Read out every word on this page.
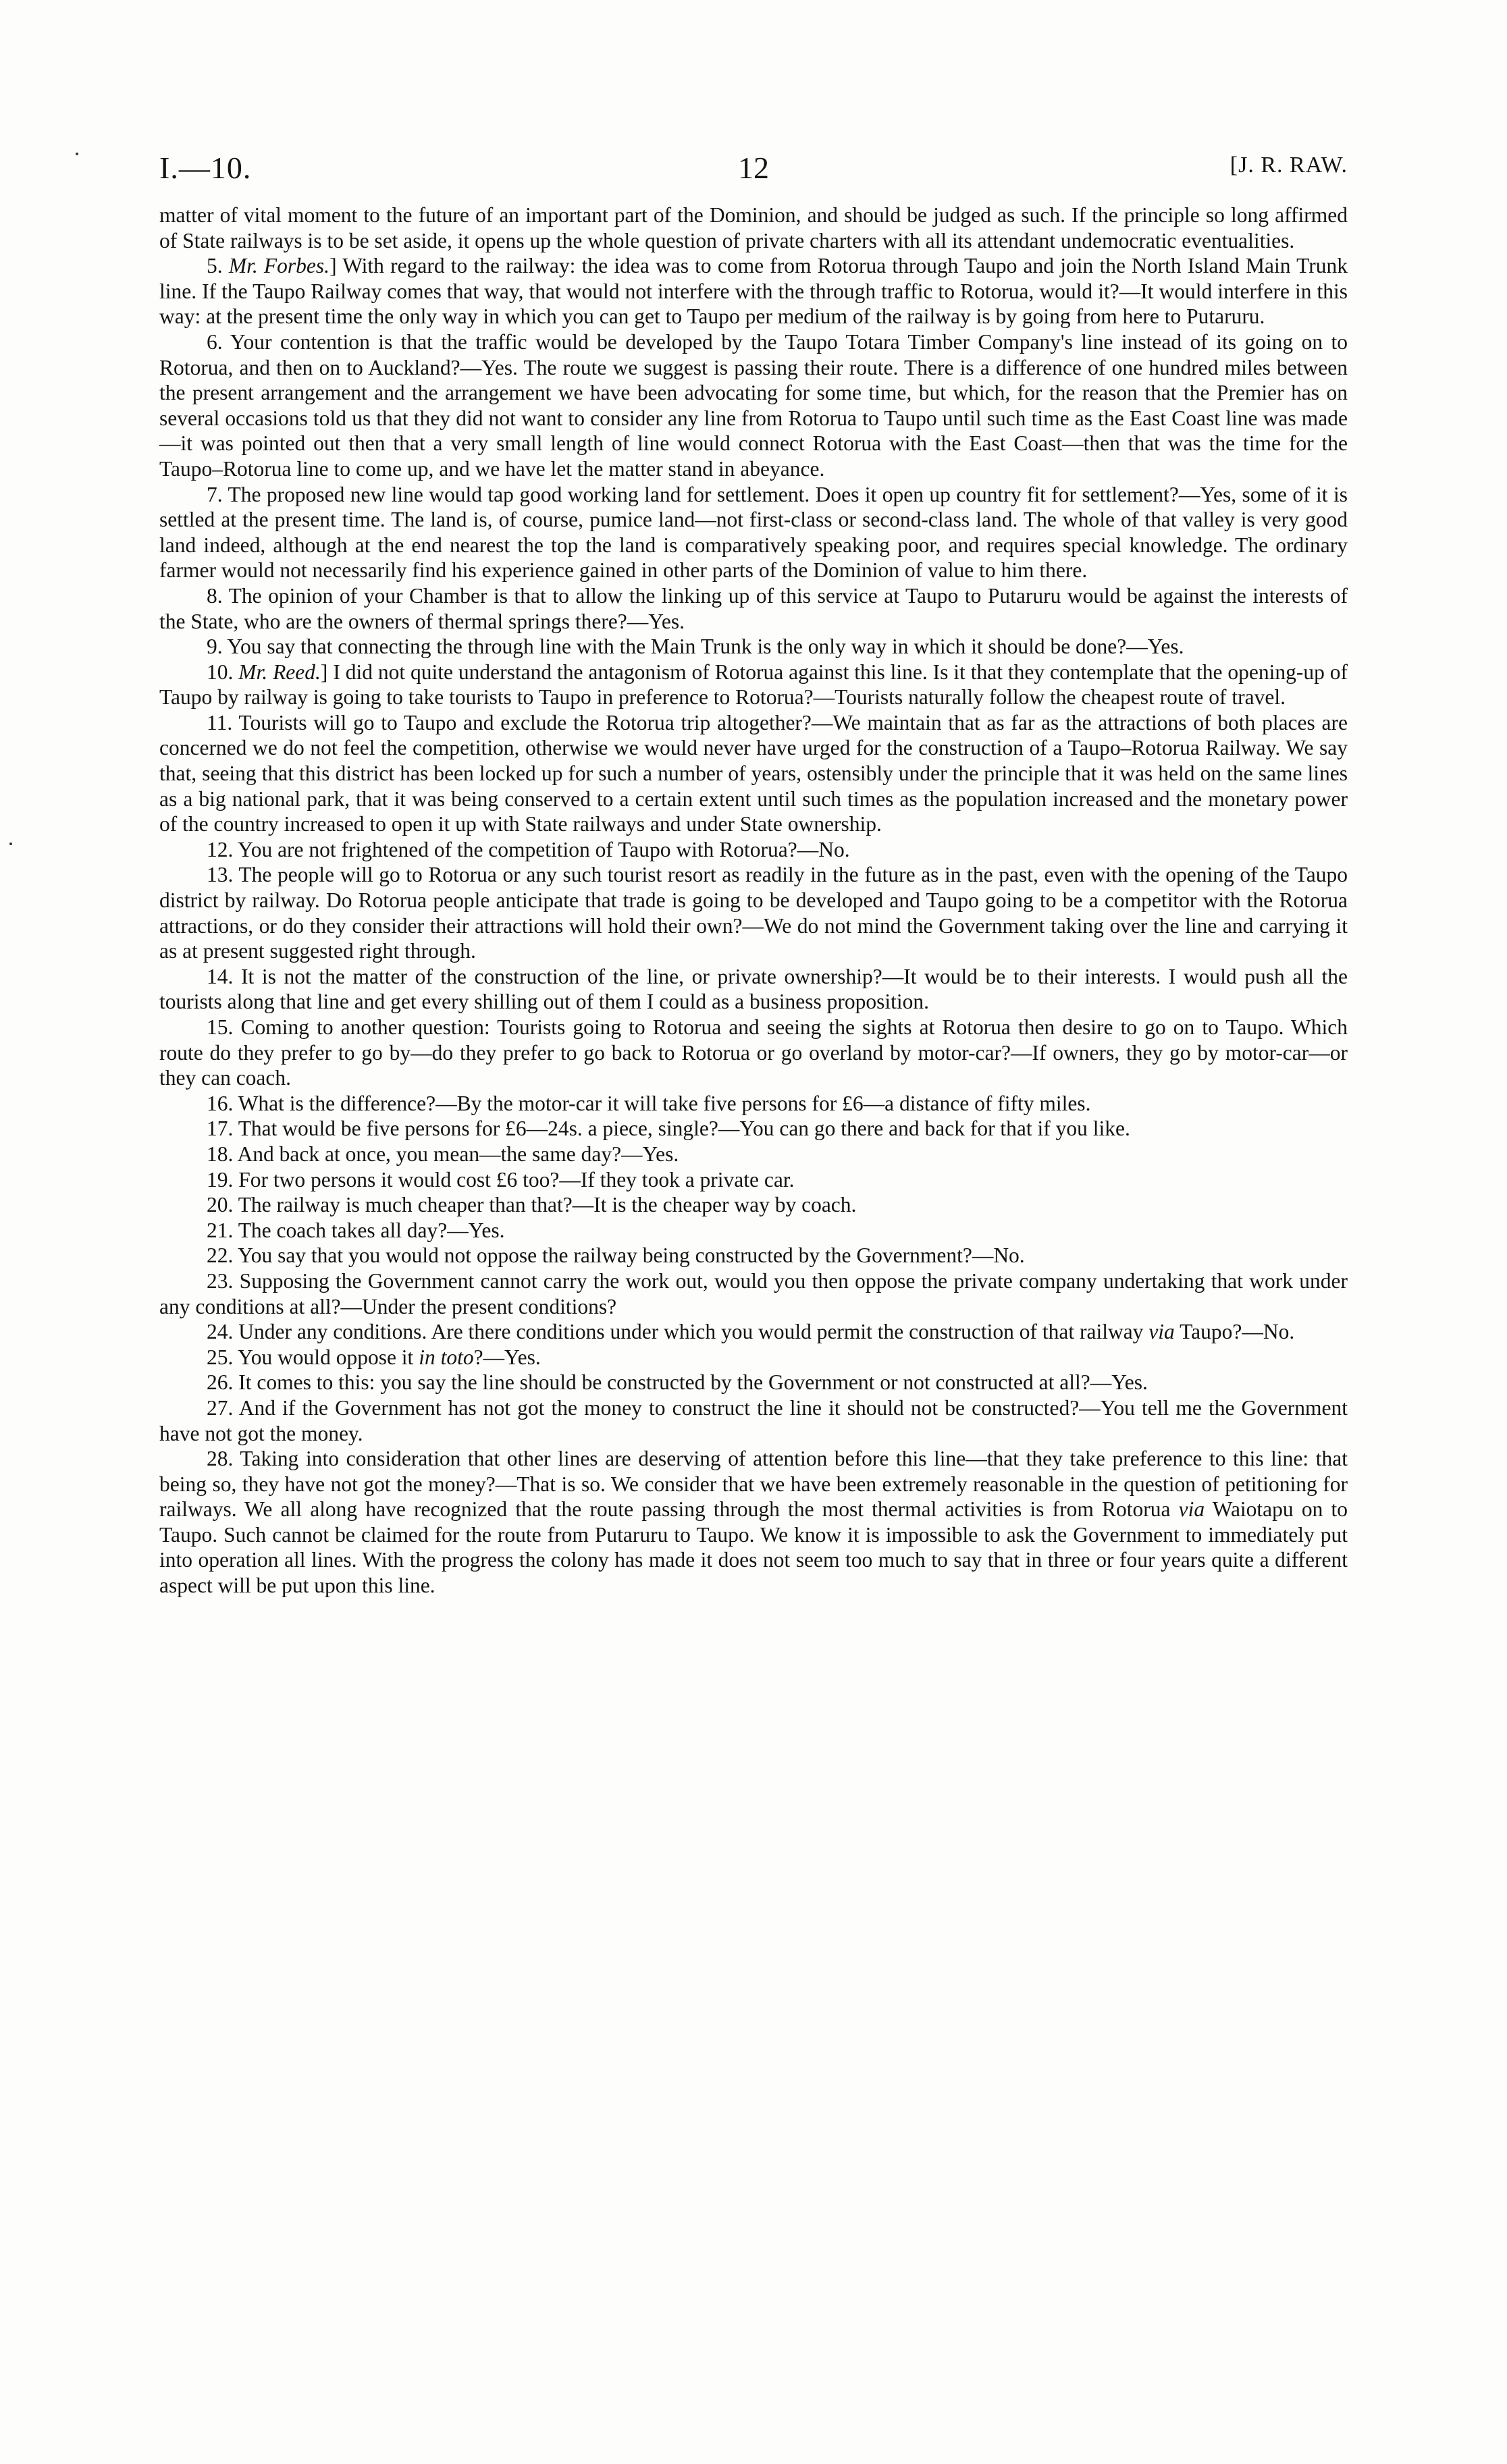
I.—10.	12	[J. R. RAW.

matter of vital moment to the future of an important part of the Dominion, and should be judged as such. If the principle so long affirmed of State railways is to be set aside, it opens up the whole question of private charters with all its attendant undemocratic eventualities.

5. Mr. Forbes.] With regard to the railway: the idea was to come from Rotorua through Taupo and join the North Island Main Trunk line. If the Taupo Railway comes that way, that would not interfere with the through traffic to Rotorua, would it?—It would interfere in this way: at the present time the only way in which you can get to Taupo per medium of the railway is by going from here to Putaruru.

6. Your contention is that the traffic would be developed by the Taupo Totara Timber Company's line instead of its going on to Rotorua, and then on to Auckland?—Yes. The route we suggest is passing their route. There is a difference of one hundred miles between the present arrangement and the arrangement we have been advocating for some time, but which, for the reason that the Premier has on several occasions told us that they did not want to consider any line from Rotorua to Taupo until such time as the East Coast line was made—it was pointed out then that a very small length of line would connect Rotorua with the East Coast—then that was the time for the Taupo–Rotorua line to come up, and we have let the matter stand in abeyance.

7. The proposed new line would tap good working land for settlement. Does it open up country fit for settlement?—Yes, some of it is settled at the present time. The land is, of course, pumice land—not first-class or second-class land. The whole of that valley is very good land indeed, although at the end nearest the top the land is comparatively speaking poor, and requires special knowledge. The ordinary farmer would not necessarily find his experience gained in other parts of the Dominion of value to him there.

8. The opinion of your Chamber is that to allow the linking up of this service at Taupo to Putaruru would be against the interests of the State, who are the owners of thermal springs there?—Yes.

9. You say that connecting the through line with the Main Trunk is the only way in which it should be done?—Yes.

10. Mr. Reed.] I did not quite understand the antagonism of Rotorua against this line. Is it that they contemplate that the opening-up of Taupo by railway is going to take tourists to Taupo in preference to Rotorua?—Tourists naturally follow the cheapest route of travel.

11. Tourists will go to Taupo and exclude the Rotorua trip altogether?—We maintain that as far as the attractions of both places are concerned we do not feel the competition, otherwise we would never have urged for the construction of a Taupo–Rotorua Railway. We say that, seeing that this district has been locked up for such a number of years, ostensibly under the principle that it was held on the same lines as a big national park, that it was being conserved to a certain extent until such times as the population increased and the monetary power of the country increased to open it up with State railways and under State ownership.

12. You are not frightened of the competition of Taupo with Rotorua?—No.

13. The people will go to Rotorua or any such tourist resort as readily in the future as in the past, even with the opening of the Taupo district by railway. Do Rotorua people anticipate that trade is going to be developed and Taupo going to be a competitor with the Rotorua attractions, or do they consider their attractions will hold their own?—We do not mind the Government taking over the line and carrying it as at present suggested right through.

14. It is not the matter of the construction of the line, or private ownership?—It would be to their interests. I would push all the tourists along that line and get every shilling out of them I could as a business proposition.

15. Coming to another question: Tourists going to Rotorua and seeing the sights at Rotorua then desire to go on to Taupo. Which route do they prefer to go by—do they prefer to go back to Rotorua or go overland by motor-car?—If owners, they go by motor-car—or they can coach.

16. What is the difference?—By the motor-car it will take five persons for £6—a distance of fifty miles.

17. That would be five persons for £6—24s. a piece, single?—You can go there and back for that if you like.

18. And back at once, you mean—the same day?—Yes.

19. For two persons it would cost £6 too?—If they took a private car.

20. The railway is much cheaper than that?—It is the cheaper way by coach.

21. The coach takes all day?—Yes.

22. You say that you would not oppose the railway being constructed by the Government?—No.

23. Supposing the Government cannot carry the work out, would you then oppose the private company undertaking that work under any conditions at all?—Under the present conditions?

24. Under any conditions. Are there conditions under which you would permit the construction of that railway via Taupo?—No.

25. You would oppose it in toto?—Yes.

26. It comes to this: you say the line should be constructed by the Government or not constructed at all?—Yes.

27. And if the Government has not got the money to construct the line it should not be constructed?—You tell me the Government have not got the money.

28. Taking into consideration that other lines are deserving of attention before this line—that they take preference to this line: that being so, they have not got the money?—That is so. We consider that we have been extremely reasonable in the question of petitioning for railways. We all along have recognized that the route passing through the most thermal activities is from Rotorua via Waiotapu on to Taupo. Such cannot be claimed for the route from Putaruru to Taupo. We know it is impossible to ask the Government to immediately put into operation all lines. With the progress the colony has made it does not seem too much to say that in three or four years quite a different aspect will be put upon this line.
